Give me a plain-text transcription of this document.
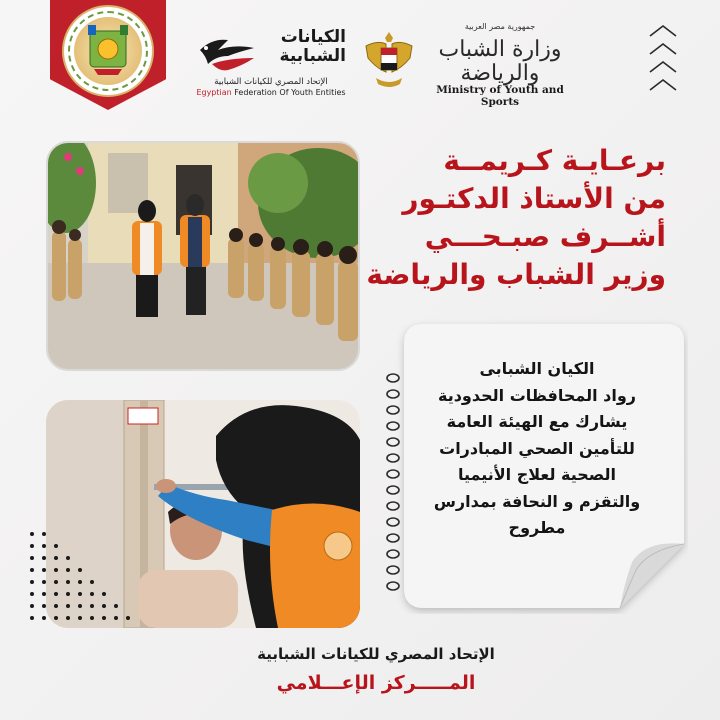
الكيانات
الشبابية
الإتحاد المصري للكيانات الشبابية
Egyptian Federation Of Youth Entities
جمهورية مصر العربية
وزارة الشباب والرياضة
Ministry of Youth and Sports
برعـايـة كـريمــة
من الأستاذ الدكتـور
أشــرف صبـحـــي
وزير الشباب والرياضة
الكيان الشبابى
رواد المحافظات الحدودية
يشارك مع الهيئة العامة
للتأمين الصحي المبادرات
الصحية لعلاج الأنيميا
والتقزم و النحافة بمدارس
مطروح
الإتحاد المصري للكيانات الشبابية
المـــــركز الإعـــلامي
